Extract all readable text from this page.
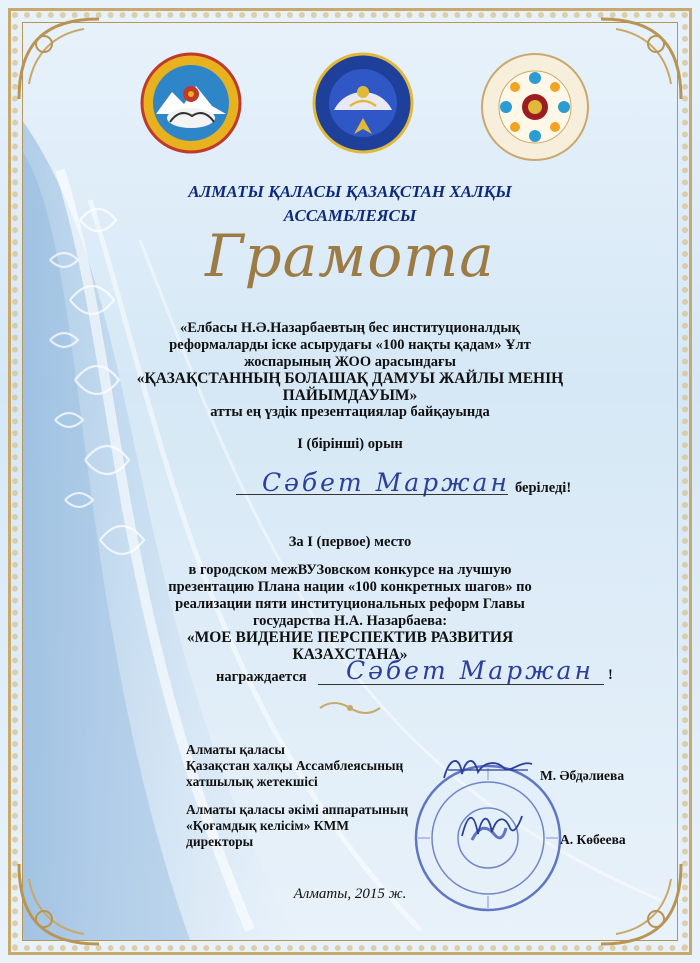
АЛМАТЫ ҚАЛАСЫ ҚАЗАҚСТАН ХАЛҚЫ
АССАМБЛЕЯСЫ
Грамота
«Елбасы Н.Ә.Назарбаевтың бес институционалдық
реформаларды іске асырудағы «100 нақты қадам» Ұлт
жоспарының ЖОО арасындағы
«ҚАЗАҚСТАННЫҢ БОЛАШАҚ ДАМУЫ ЖАЙЛЫ МЕНІҢ
ПАЙЫМДАУЫМ»
атты ең үздік презентациялар байқауында
І (бірінші) орын
Сәбет Маржан беріледі!
За I (первое) место
в городском межВУЗовском конкурсе на лучшую
презентацию Плана нации «100 конкретных шагов» по
реализации пяти институциональных реформ Главы
государства Н.А. Назарбаева:
«МОЕ ВИДЕНИЕ ПЕРСПЕКТИВ РАЗВИТИЯ
КАЗАХСТАНА»
награждается	Сәбет Маржан !
Алматы қаласы
Қазақстан халқы Ассамблеясының
хатшылық жетекшісі	М. Әбдәлиева
Алматы қаласы әкімі аппаратының
«Қоғамдық келісім» КММ
директоры	А. Көбеева
Алматы, 2015 ж.
